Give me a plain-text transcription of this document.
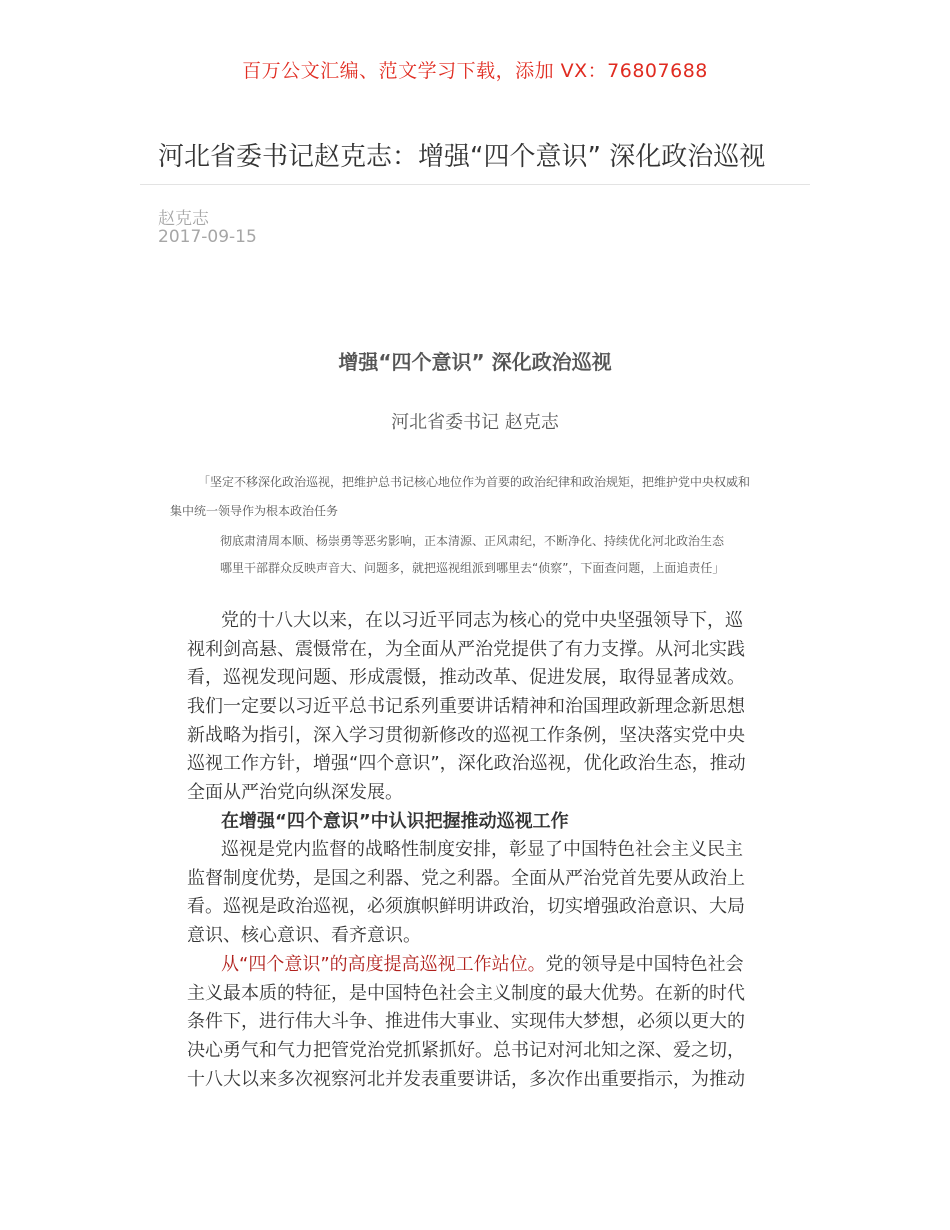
百万公文汇编、范文学习下载，添加 VX：76807688
河北省委书记赵克志：增强“四个意识” 深化政治巡视
赵克志
2017-09-15
增强“四个意识” 深化政治巡视
河北省委书记 赵克志
「坚定不移深化政治巡视，把维护总书记核心地位作为首要的政治纪律和政治规矩，把维护党中央权威和
集中统一领导作为根本政治任务
彻底肃清周本顺、杨崇勇等恶劣影响，正本清源、正风肃纪，不断净化、持续优化河北政治生态
哪里干部群众反映声音大、问题多，就把巡视组派到哪里去“侦察”，下面查问题，上面追责任」
党的十八大以来，在以习近平同志为核心的党中央坚强领导下，巡
视利剑高悬、震慑常在，为全面从严治党提供了有力支撑。从河北实践
看，巡视发现问题、形成震慑，推动改革、促进发展，取得显著成效。
我们一定要以习近平总书记系列重要讲话精神和治国理政新理念新思想
新战略为指引，深入学习贯彻新修改的巡视工作条例，坚决落实党中央
巡视工作方针，增强“四个意识”，深化政治巡视，优化政治生态，推动
全面从严治党向纵深发展。
在增强“四个意识”中认识把握推动巡视工作
巡视是党内监督的战略性制度安排，彰显了中国特色社会主义民主
监督制度优势，是国之利器、党之利器。全面从严治党首先要从政治上
看。巡视是政治巡视，必须旗帜鲜明讲政治，切实增强政治意识、大局
意识、核心意识、看齐意识。
从“四个意识”的高度提高巡视工作站位。党的领导是中国特色社会
主义最本质的特征，是中国特色社会主义制度的最大优势。在新的时代
条件下，进行伟大斗争、推进伟大事业、实现伟大梦想，必须以更大的
决心勇气和气力把管党治党抓紧抓好。总书记对河北知之深、爱之切，
十八大以来多次视察河北并发表重要讲话，多次作出重要指示，为推动
